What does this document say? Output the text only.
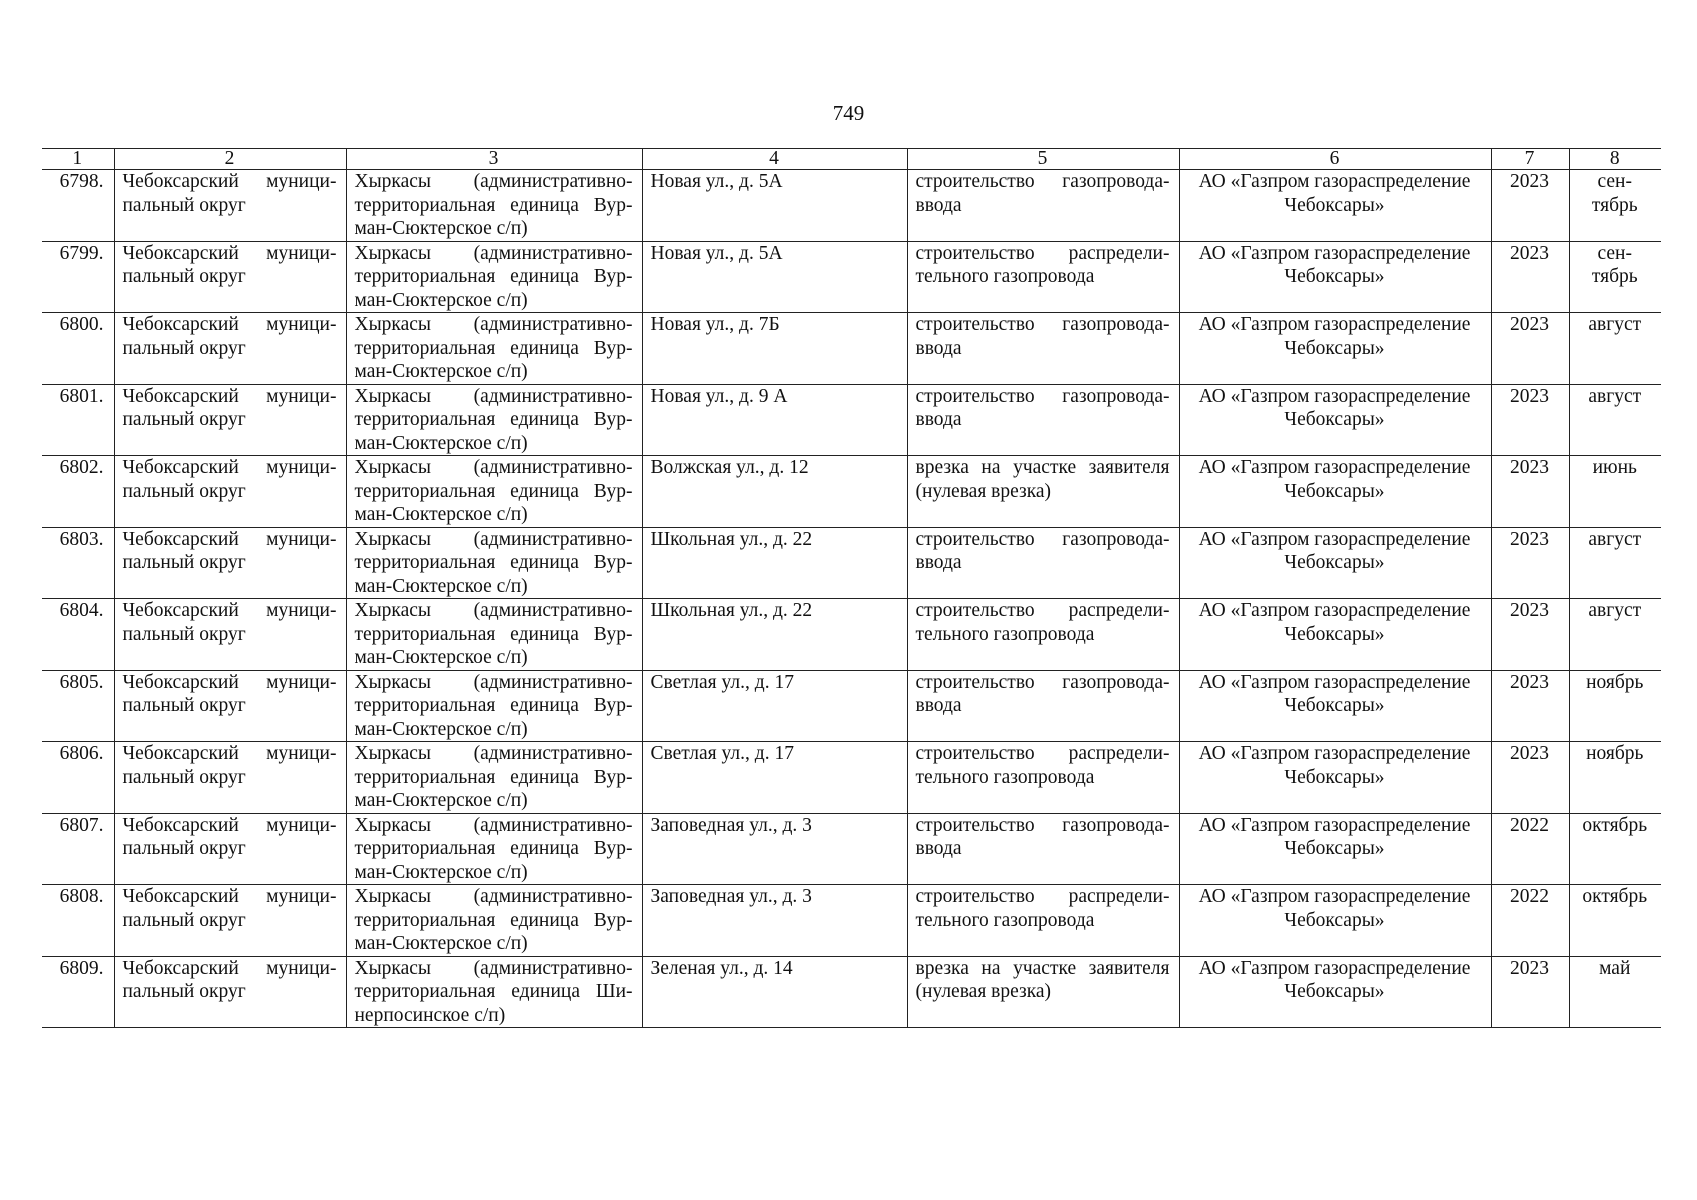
749
1	2	3	4	5	6	7	8
6798.	Чебоксарский муници-пальный округ	Хыркасы (административно-территориальная единица Вур-ман-Сюктерское с/п)	Новая ул., д. 5А	строительство газопровода-ввода	АО «Газпром газораспределение Чебоксары»	2023	сен-тябрь
6799.	Чебоксарский муници-пальный округ	Хыркасы (административно-территориальная единица Вур-ман-Сюктерское с/п)	Новая ул., д. 5А	строительство распредели-тельного газопровода	АО «Газпром газораспределение Чебоксары»	2023	сен-тябрь
6800.	Чебоксарский муници-пальный округ	Хыркасы (административно-территориальная единица Вур-ман-Сюктерское с/п)	Новая ул., д. 7Б	строительство газопровода-ввода	АО «Газпром газораспределение Чебоксары»	2023	август
6801.	Чебоксарский муници-пальный округ	Хыркасы (административно-территориальная единица Вур-ман-Сюктерское с/п)	Новая ул., д. 9 А	строительство газопровода-ввода	АО «Газпром газораспределение Чебоксары»	2023	август
6802.	Чебоксарский муници-пальный округ	Хыркасы (административно-территориальная единица Вур-ман-Сюктерское с/п)	Волжская ул., д. 12	врезка на участке заявителя (нулевая врезка)	АО «Газпром газораспределение Чебоксары»	2023	июнь
6803.	Чебоксарский муници-пальный округ	Хыркасы (административно-территориальная единица Вур-ман-Сюктерское с/п)	Школьная ул., д. 22	строительство газопровода-ввода	АО «Газпром газораспределение Чебоксары»	2023	август
6804.	Чебоксарский муници-пальный округ	Хыркасы (административно-территориальная единица Вур-ман-Сюктерское с/п)	Школьная ул., д. 22	строительство распредели-тельного газопровода	АО «Газпром газораспределение Чебоксары»	2023	август
6805.	Чебоксарский муници-пальный округ	Хыркасы (административно-территориальная единица Вур-ман-Сюктерское с/п)	Светлая ул., д. 17	строительство газопровода-ввода	АО «Газпром газораспределение Чебоксары»	2023	ноябрь
6806.	Чебоксарский муници-пальный округ	Хыркасы (административно-территориальная единица Вур-ман-Сюктерское с/п)	Светлая ул., д. 17	строительство распредели-тельного газопровода	АО «Газпром газораспределение Чебоксары»	2023	ноябрь
6807.	Чебоксарский муници-пальный округ	Хыркасы (административно-территориальная единица Вур-ман-Сюктерское с/п)	Заповедная ул., д. 3	строительство газопровода-ввода	АО «Газпром газораспределение Чебоксары»	2022	октябрь
6808.	Чебоксарский муници-пальный округ	Хыркасы (административно-территориальная единица Вур-ман-Сюктерское с/п)	Заповедная ул., д. 3	строительство распредели-тельного газопровода	АО «Газпром газораспределение Чебоксары»	2022	октябрь
6809.	Чебоксарский муници-пальный округ	Хыркасы (административно-территориальная единица Ши-нерпосинское с/п)	Зеленая ул., д. 14	врезка на участке заявителя (нулевая врезка)	АО «Газпром газораспределение Чебоксары»	2023	май
